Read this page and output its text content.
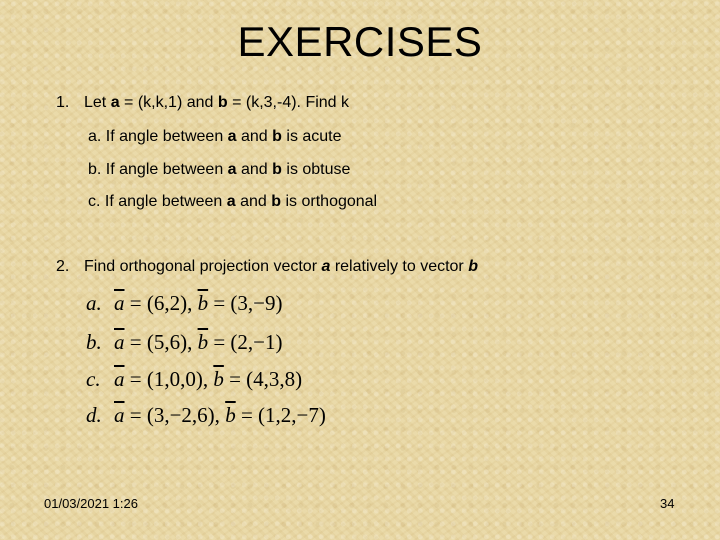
EXERCISES
1. Let a = (k,k,1) and b = (k,3,-4). Find k
a. If angle between a and b is acute
b. If angle between a and b is obtuse
c. If angle between a and b is orthogonal
2. Find orthogonal projection vector a relatively to vector b
a. $\overline{a} = (6,2)$, $\overline{b} = (3,-9)$
b. $\overline{a} = (5,6)$, $\overline{b} = (2,-1)$
c. $\overline{a} = (1,0,0)$, $\overline{b} = (4,3,8)$
d. $\overline{a} = (3,-2,6)$, $\overline{b} = (1,2,-7)$
01/03/2021 1:26	34
